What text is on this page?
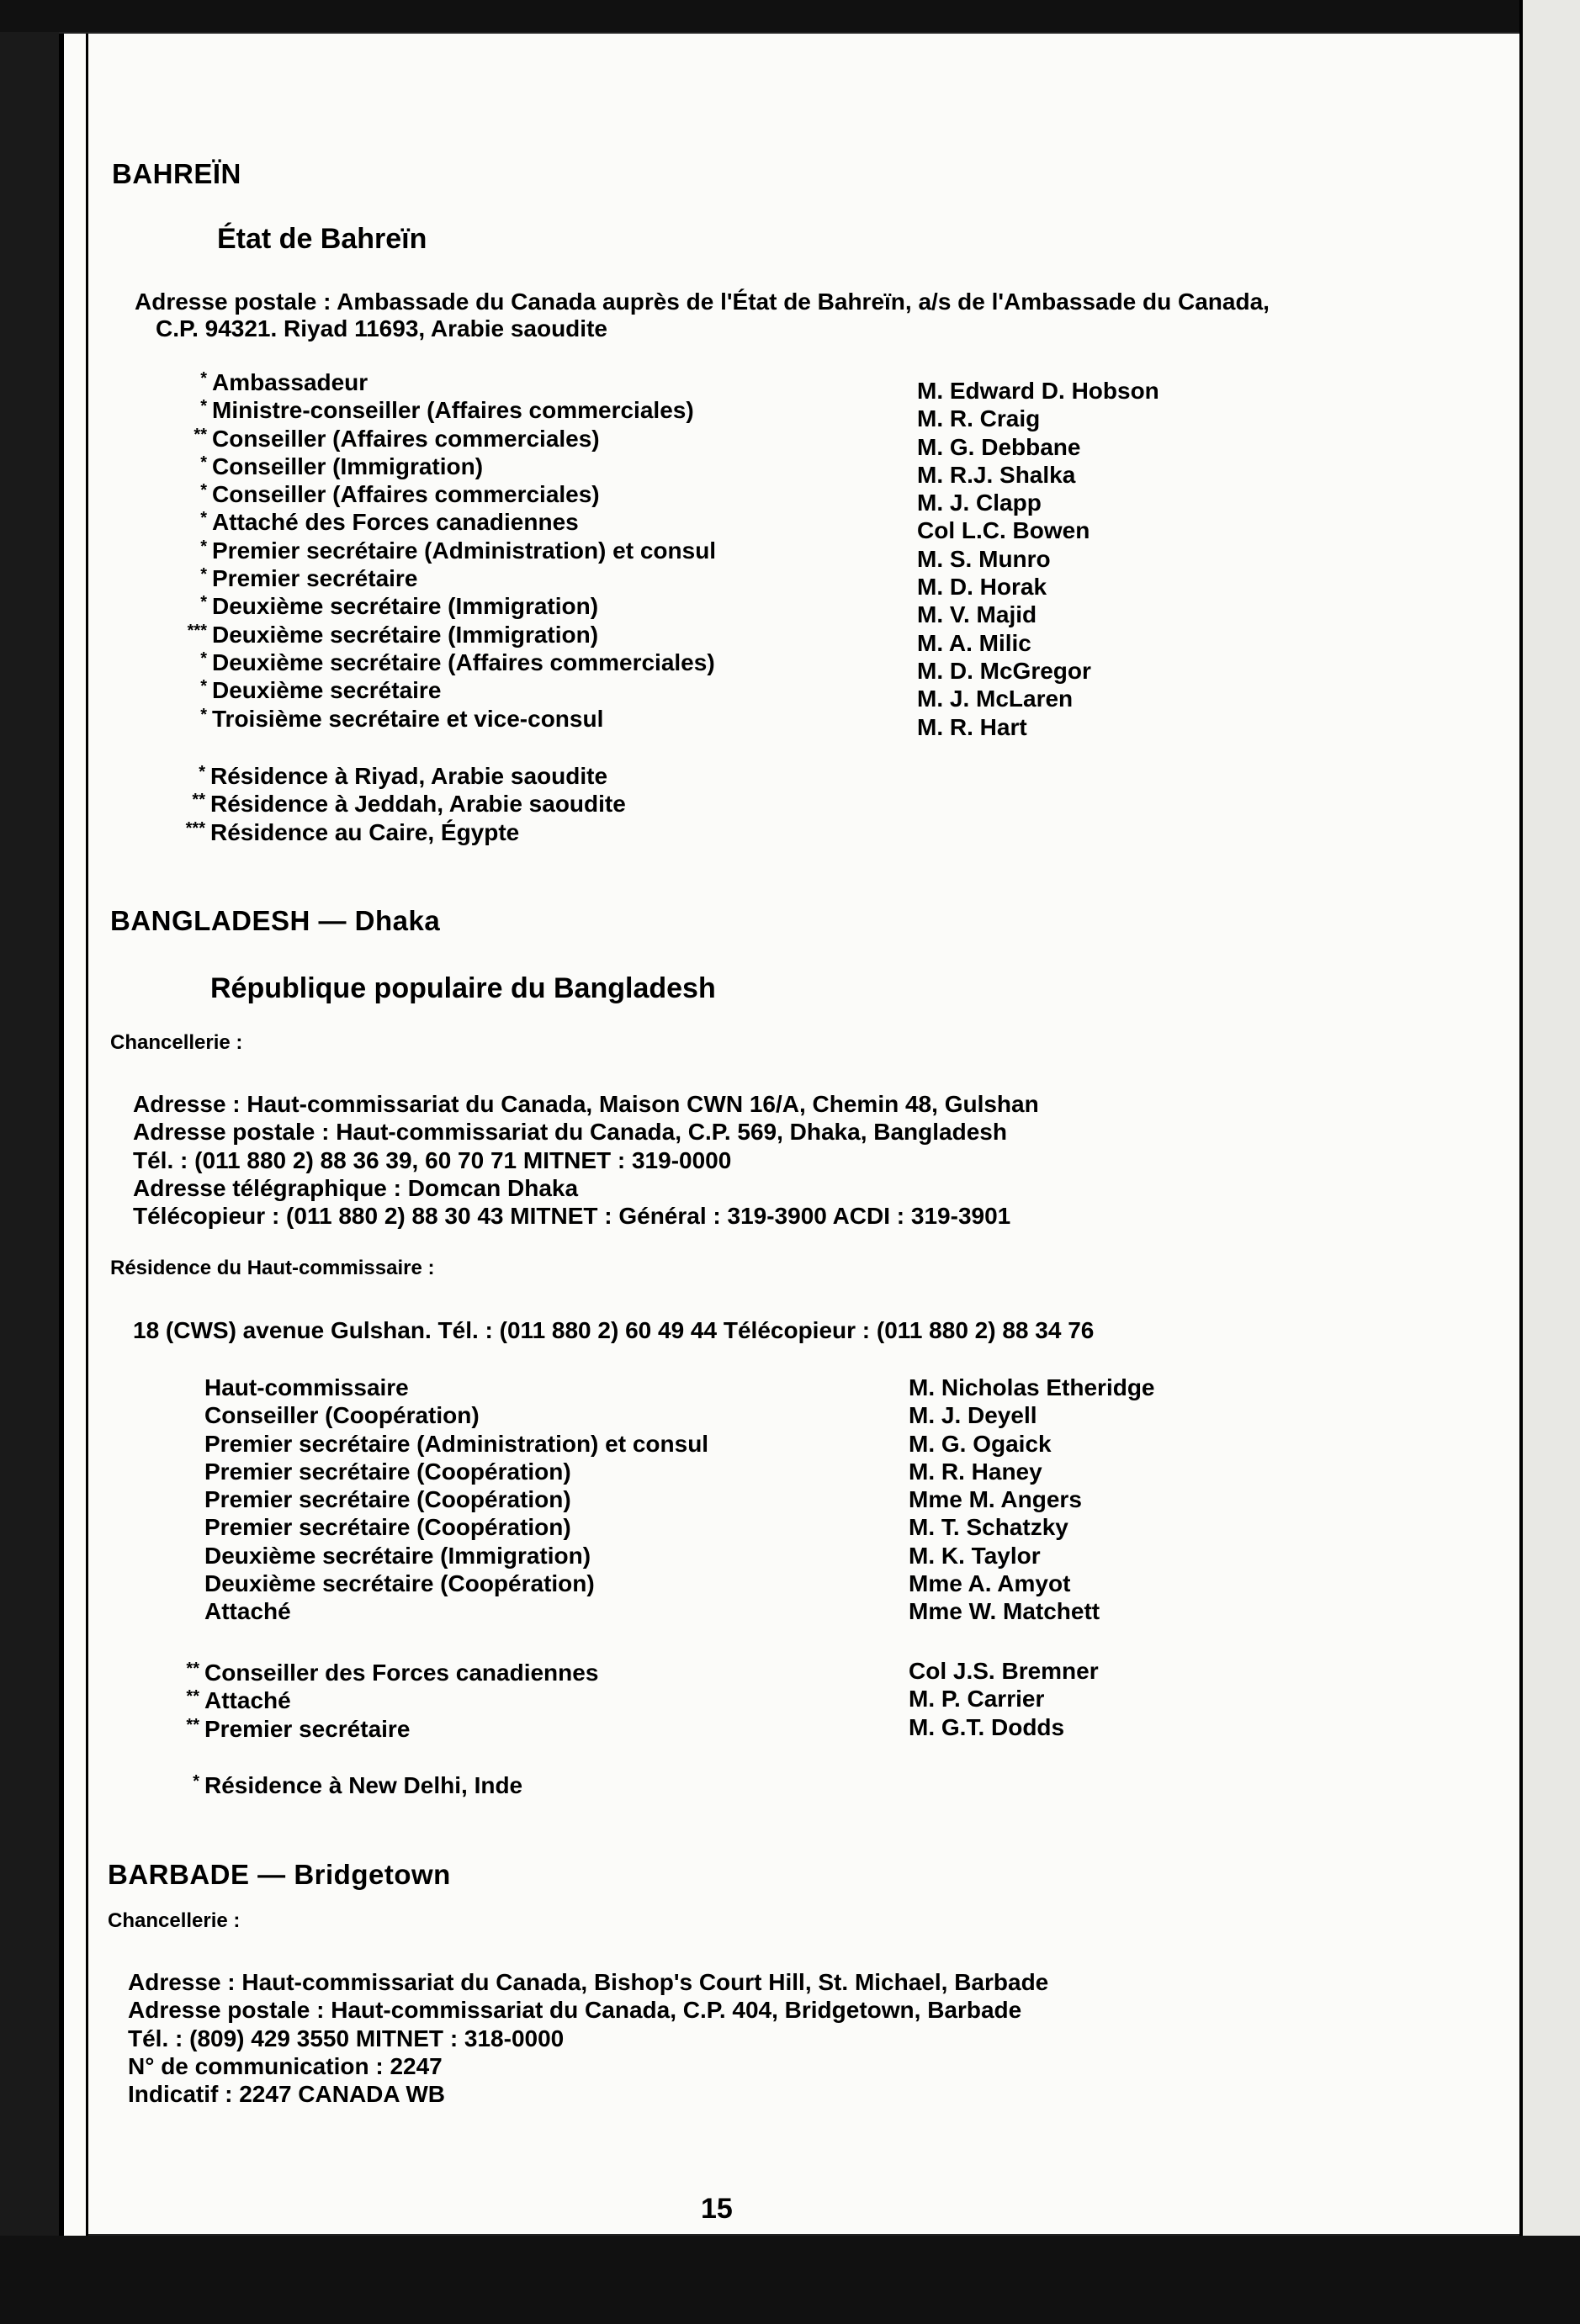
BAHREÏN
État de Bahreïn
Adresse postale : Ambassade du Canada auprès de l'État de Bahreïn, a/s de l'Ambassade du Canada,
C.P. 94321. Riyad 11693, Arabie saoudite
* Ambassadeur
* Ministre-conseiller (Affaires commerciales)
** Conseiller (Affaires commerciales)
* Conseiller (Immigration)
* Conseiller (Affaires commerciales)
* Attaché des Forces canadiennes
* Premier secrétaire (Administration) et consul
* Premier secrétaire
* Deuxième secrétaire (Immigration)
*** Deuxième secrétaire (Immigration)
* Deuxième secrétaire (Affaires commerciales)
* Deuxième secrétaire
* Troisième secrétaire et vice-consul
M. Edward D. Hobson
M. R. Craig
M. G. Debbane
M. R.J. Shalka
M. J. Clapp
Col L.C. Bowen
M. S. Munro
M. D. Horak
M. V. Majid
M. A. Milic
M. D. McGregor
M. J. McLaren
M. R. Hart
* Résidence à Riyad, Arabie saoudite
** Résidence à Jeddah, Arabie saoudite
*** Résidence au Caire, Égypte
BANGLADESH — Dhaka
République populaire du Bangladesh
Chancellerie :
Adresse : Haut-commissariat du Canada, Maison CWN 16/A, Chemin 48, Gulshan
Adresse postale : Haut-commissariat du Canada, C.P. 569, Dhaka, Bangladesh
Tél. : (011 880 2) 88 36 39, 60 70 71 MITNET : 319-0000
Adresse télégraphique : Domcan Dhaka
Télécopieur : (011 880 2) 88 30 43 MITNET : Général : 319-3900 ACDI : 319-3901
Résidence du Haut-commissaire :
18 (CWS) avenue Gulshan. Tél. : (011 880 2) 60 49 44 Télécopieur : (011 880 2) 88 34 76
Haut-commissaire
Conseiller (Coopération)
Premier secrétaire (Administration) et consul
Premier secrétaire (Coopération)
Premier secrétaire (Coopération)
Premier secrétaire (Coopération)
Deuxième secrétaire (Immigration)
Deuxième secrétaire (Coopération)
Attaché
M. Nicholas Etheridge
M. J. Deyell
M. G. Ogaick
M. R. Haney
Mme M. Angers
M. T. Schatzky
M. K. Taylor
Mme A. Amyot
Mme W. Matchett
** Conseiller des Forces canadiennes
** Attaché
** Premier secrétaire
Col J.S. Bremner
M. P. Carrier
M. G.T. Dodds
* Résidence à New Delhi, Inde
BARBADE — Bridgetown
Chancellerie :
Adresse : Haut-commissariat du Canada, Bishop's Court Hill, St. Michael, Barbade
Adresse postale : Haut-commissariat du Canada, C.P. 404, Bridgetown, Barbade
Tél. : (809) 429 3550 MITNET : 318-0000
N° de communication : 2247
Indicatif : 2247 CANADA WB
15
